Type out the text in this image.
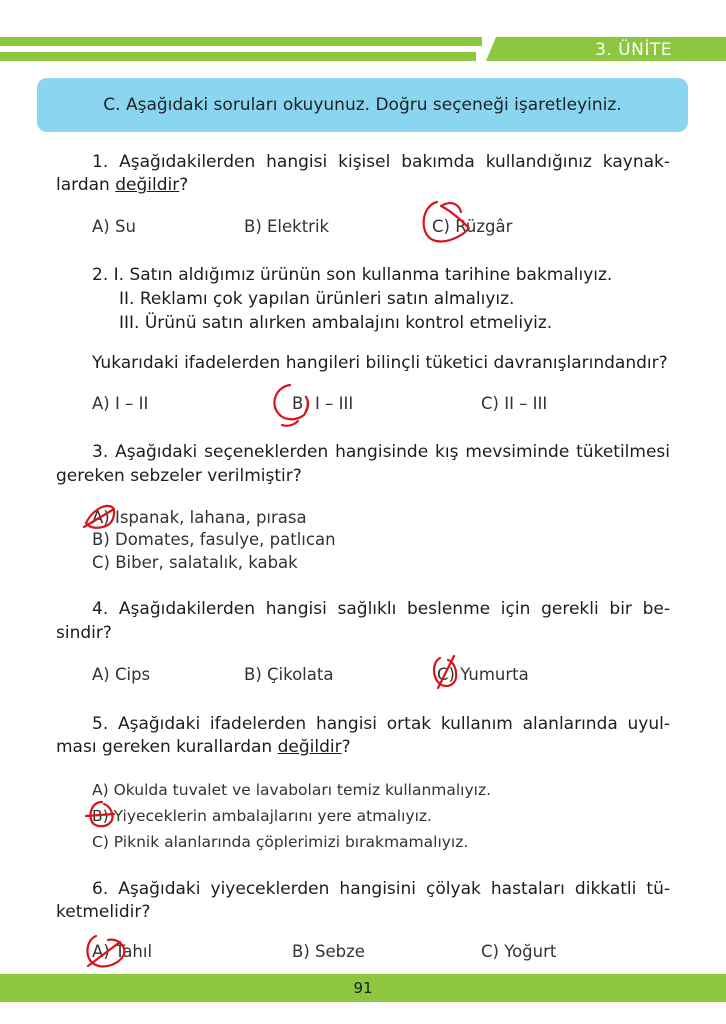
3. ÜNİTE
C. Aşağıdaki soruları okuyunuz. Doğru seçeneği işaretleyiniz.
1. Aşağıdakilerden hangisi kişisel bakımda kullandığınız kaynak-
lardan değildir?
A) Su	B) Elektrik	C) Rüzgâr
2. I. Satın aldığımız ürünün son kullanma tarihine bakmalıyız.
II. Reklamı çok yapılan ürünleri satın almalıyız.
III. Ürünü satın alırken ambalajını kontrol etmeliyiz.
Yukarıdaki ifadelerden hangileri bilinçli tüketici davranışlarındandır?
A) I – II	B) I – III	C) II – III
3. Aşağıdaki seçeneklerden hangisinde kış mevsiminde tüketilmesi
gereken sebzeler verilmiştir?
A) Ispanak, lahana, pırasa
B) Domates, fasulye, patlıcan
C) Biber, salatalık, kabak
4. Aşağıdakilerden hangisi sağlıklı beslenme için gerekli bir be-
sindir?
A) Cips	B) Çikolata	C) Yumurta
5. Aşağıdaki ifadelerden hangisi ortak kullanım alanlarında uyul-
ması gereken kurallardan değildir?
A) Okulda tuvalet ve lavaboları temiz kullanmalıyız.
B) Yiyeceklerin ambalajlarını yere atmalıyız.
C) Piknik alanlarında çöplerimizi bırakmamalıyız.
6. Aşağıdaki yiyeceklerden hangisini çölyak hastaları dikkatli tü-
ketmelidir?
A) Tahıl	B) Sebze	C) Yoğurt
91
